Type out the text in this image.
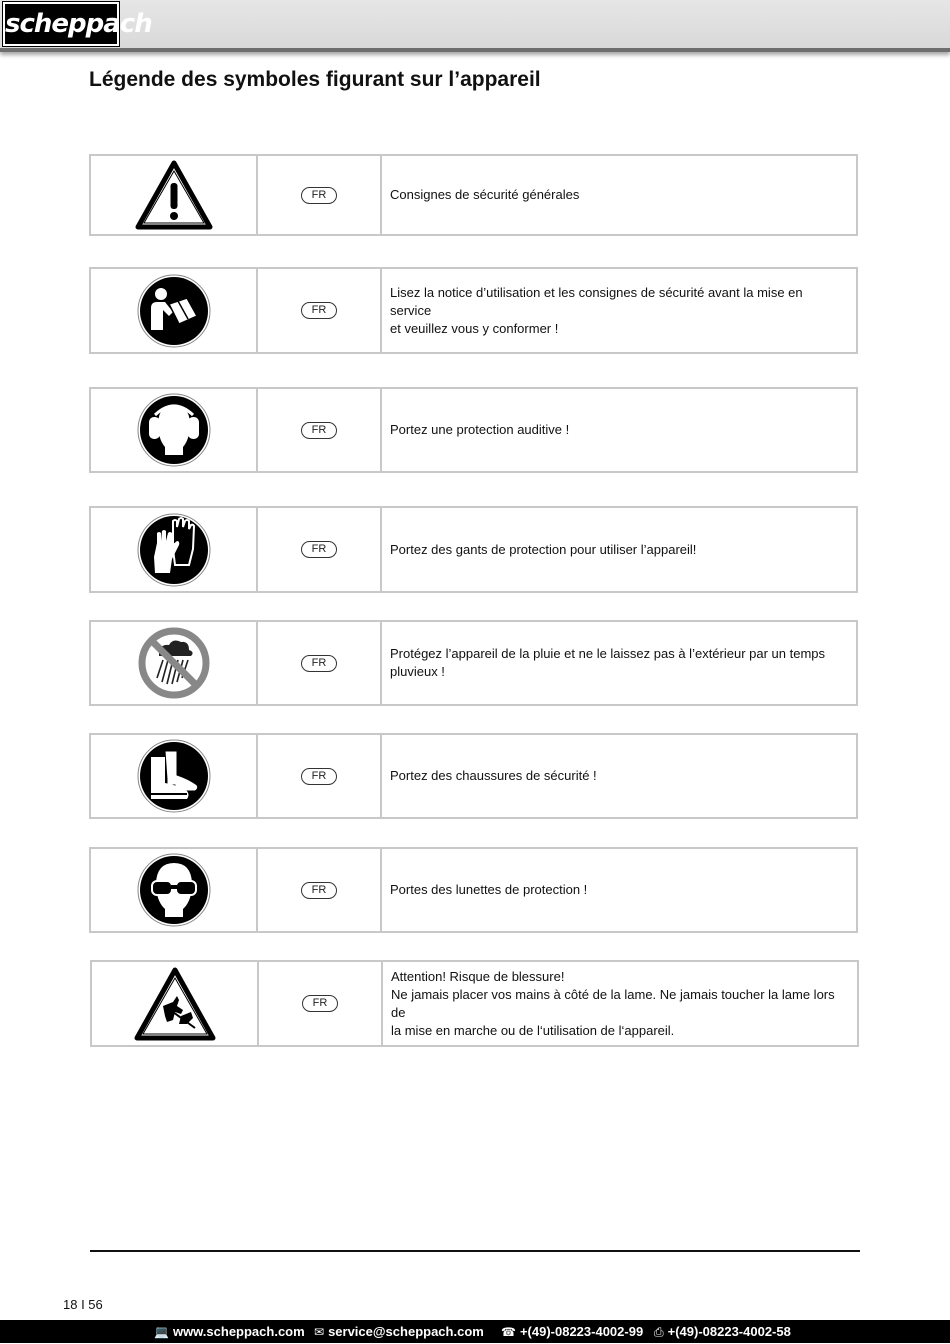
scheppach
Légende des symboles figurant sur l’appareil
FR	Consignes de sécurité générales
FR
Lisez la notice d’utilisation et les consignes de sécurité avant la mise en service
et veuillez vous y conformer !
FR	Portez une protection auditive !
FR	Portez des gants de protection pour utiliser l’appareil!
FR
Protégez l’appareil de la pluie et ne le laissez pas à l’extérieur par un temps
pluvieux !
FR	Portez des chaussures de sécurité !
FR	Portes des lunettes de protection !
FR
Attention! Risque de blessure!
Ne jamais placer vos mains à côté de la lame. Ne jamais toucher la lame lors de
la mise en marche ou de l‘utilisation de l‘appareil.
18 I 56
💻 www.scheppach.com ✉ service@scheppach.com ☎ +(49)-08223-4002-99 ⎙ +(49)-08223-4002-58
